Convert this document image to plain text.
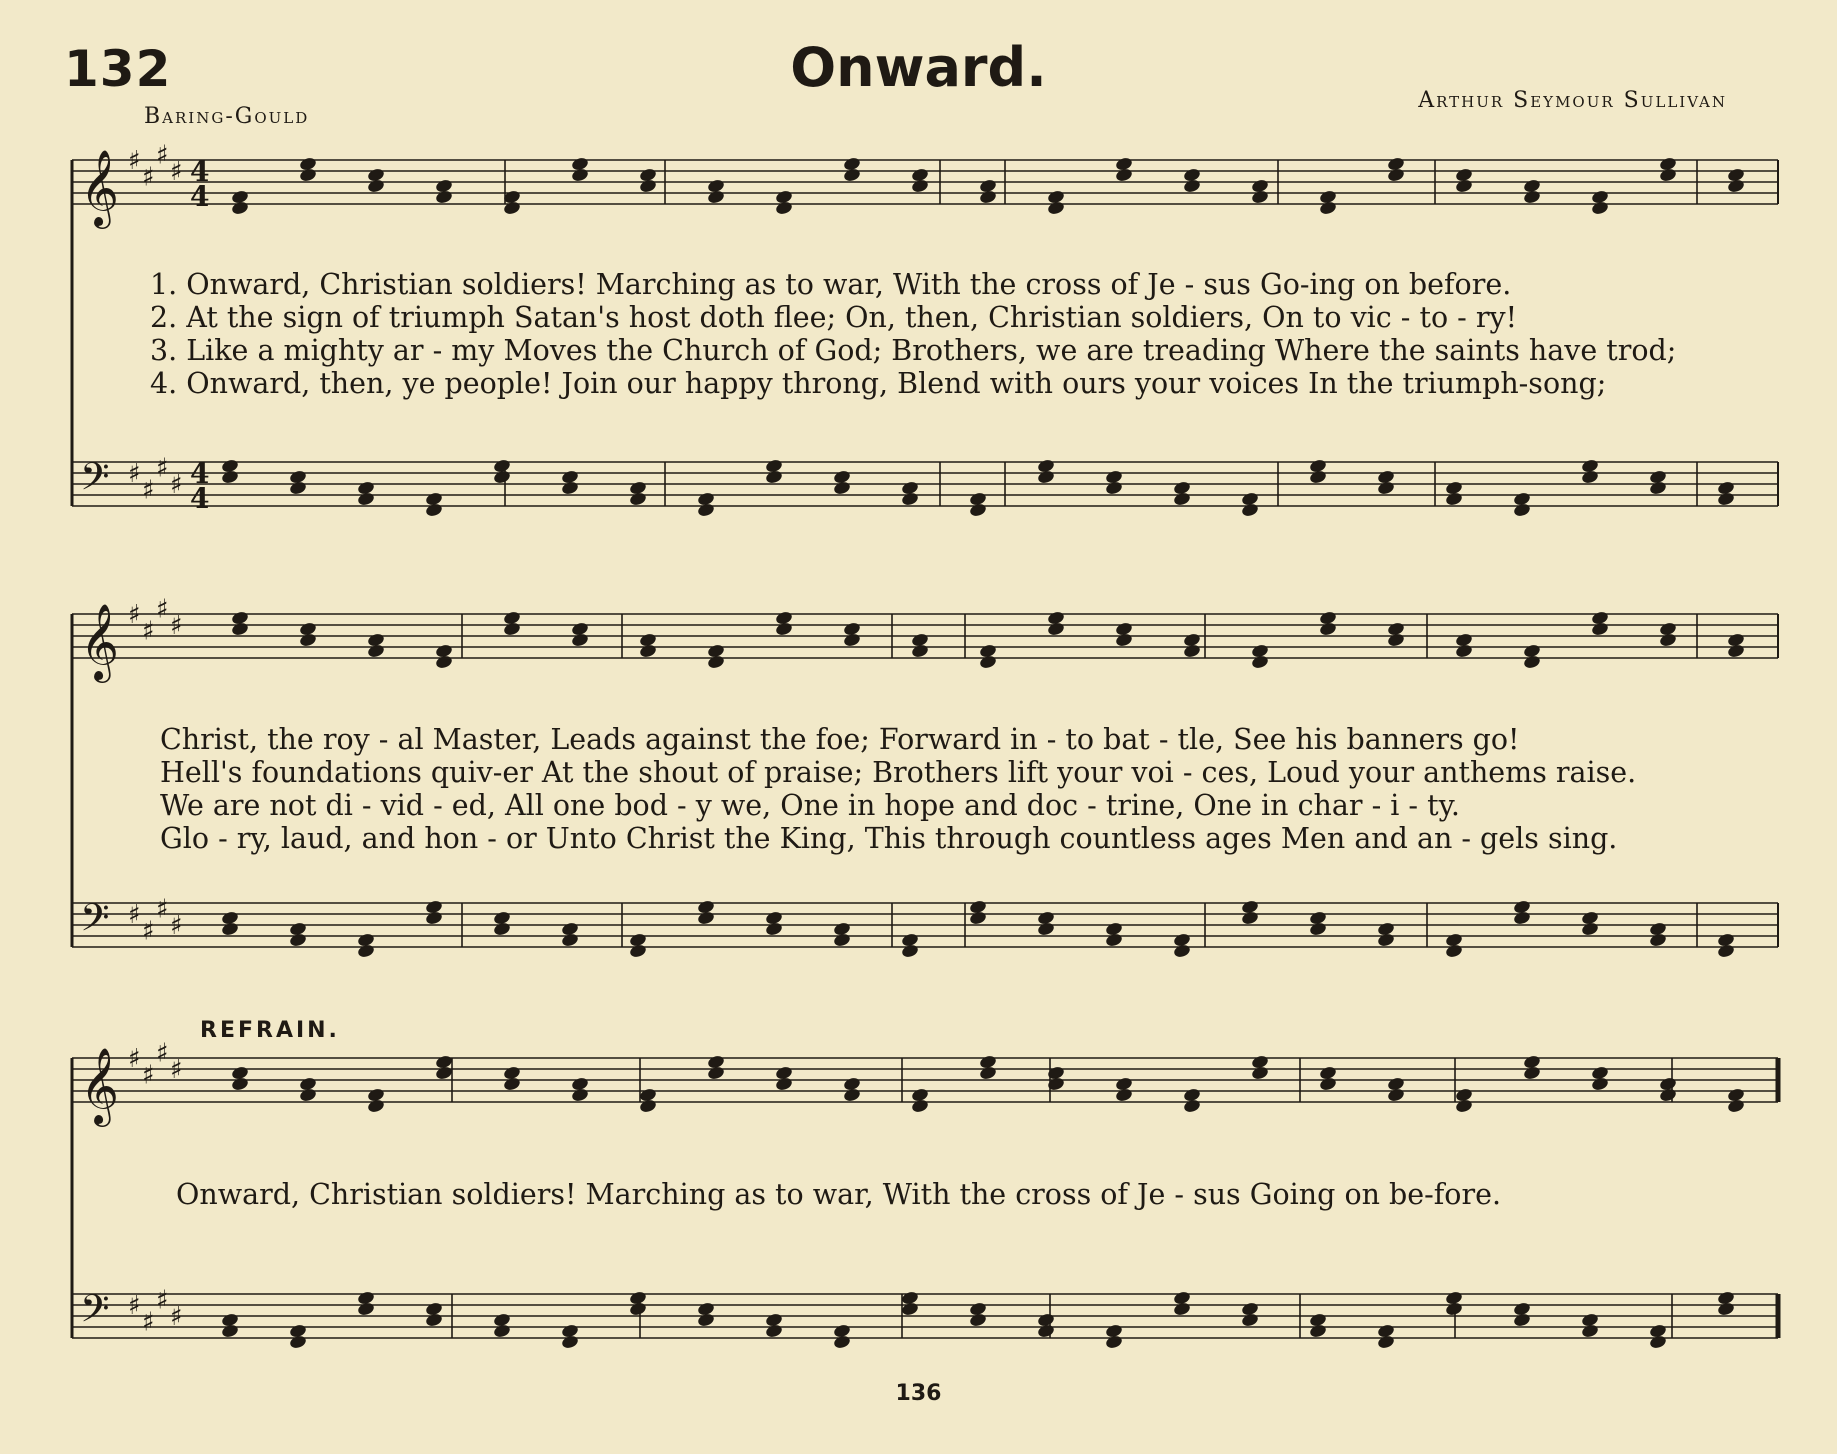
132	Onward.
Baring-Gould
Arthur Seymour Sullivan
𝄞 ♯
♯
♯
♯ 4
4
𝄢 ♯
♯
♯
♯ 4
4
𝄞 ♯
♯
♯
♯
𝄢 ♯
♯
♯
♯
𝄞 ♯
♯
♯
♯
𝄢 ♯
♯
♯
♯
1. Onward, Christian soldiers! Marching as to war, With the cross of Je - sus Go-ing on before.
2. At the sign of triumph Satan's host doth flee; On, then, Christian soldiers, On to vic - to - ry!
3. Like a mighty ar - my Moves the Church of God; Brothers, we are treading Where the saints have trod;
4. Onward, then, ye people! Join our happy throng, Blend with ours your voices In the triumph-song;
Christ, the roy - al Master, Leads against the foe; Forward in - to bat - tle, See his banners go!
Hell's foundations quiv-er At the shout of praise; Brothers lift your voi - ces, Loud your anthems raise.
We are not di - vid - ed, All one bod - y we, One in hope and doc - trine, One in char - i - ty.
Glo - ry, laud, and hon - or Unto Christ the King, This through countless ages Men and an - gels sing.
REFRAIN.
Onward, Christian soldiers! Marching as to war, With the cross of Je - sus Going on be-fore.
136
